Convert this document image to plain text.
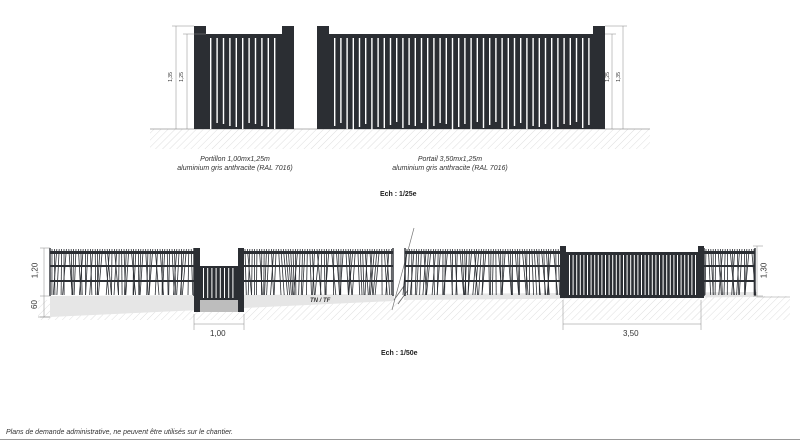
Portillon 1,00mx1,25m
aluminium gris anthracite (RAL 7016)
Portail 3,50mx1,25m
aluminium gris anthracite (RAL 7016)
1,35 1,25	1,25 1,35
Ech : 1/25e
1,20
60
1,30
1,00	3,50
TN / TF
Ech : 1/50e
Plans de demande administrative, ne peuvent être utilisés sur le chantier.
